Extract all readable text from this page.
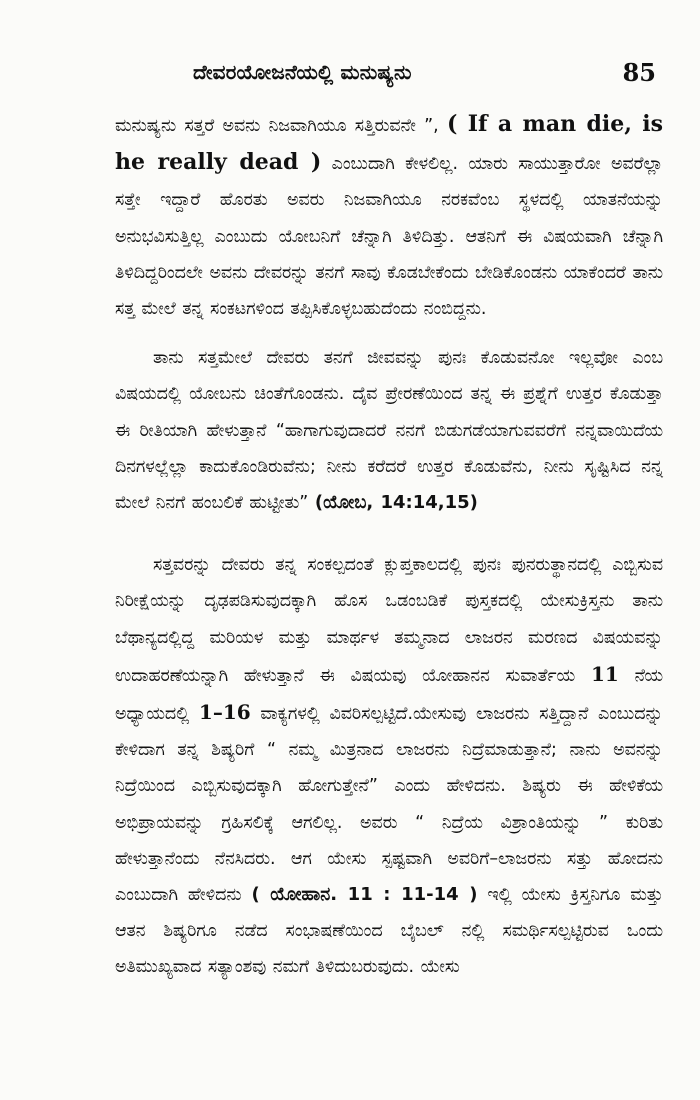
ದೇವರಯೋಜನೆಯಲ್ಲಿ ಮನುಷ್ಯನು	85

ಮನುಷ್ಯನು ಸತ್ತರೆ ಅವನು ನಿಜವಾಗಿಯೂ ಸತ್ತಿರುವನೇ ”, ( If a man die, is he really dead ) ಎಂಬುದಾಗಿ ಕೇಳಲಿಲ್ಲ. ಯಾರು ಸಾಯುತ್ತಾರೋ ಅವರೆಲ್ಲಾ ಸತ್ತೇ ಇದ್ದಾರೆ ಹೊರತು ಅವರು ನಿಜವಾಗಿಯೂ ನರಕವೆಂಬ ಸ್ಥಳದಲ್ಲಿ ಯಾತನೆಯನ್ನು ಅನುಭವಿಸುತ್ತಿಲ್ಲ ಎಂಬುದು ಯೋಬನಿಗೆ ಚೆನ್ನಾಗಿ ತಿಳಿದಿತ್ತು. ಆತನಿಗೆ ಈ ವಿಷಯವಾಗಿ ಚೆನ್ನಾಗಿ ತಿಳಿದಿದ್ದರಿಂದಲೇ ಅವನು ದೇವರನ್ನು ತನಗೆ ಸಾವು ಕೊಡಬೇಕೆಂದು ಬೇಡಿಕೊಂಡನು ಯಾಕೆಂದರೆ ತಾನು ಸತ್ತ ಮೇಲೆ ತನ್ನ ಸಂಕಟಗಳಿಂದ ತಪ್ಪಿಸಿಕೊಳ್ಳಬಹುದೆಂದು ನಂಬಿದ್ದನು.

ತಾನು ಸತ್ತಮೇಲೆ ದೇವರು ತನಗೆ ಜೀವವನ್ನು ಪುನಃ ಕೊಡುವನೋ ಇಲ್ಲವೋ ಎಂಬ ವಿಷಯದಲ್ಲಿ ಯೋಬನು ಚಿಂತೆಗೊಂಡನು. ದೈವ ಪ್ರೇರಣೆಯಿಂದ ತನ್ನ ಈ ಪ್ರಶ್ನೆಗೆ ಉತ್ತರ ಕೊಡುತ್ತಾ ಈ ರೀತಿಯಾಗಿ ಹೇಳುತ್ತಾನೆ “ಹಾಗಾಗುವುದಾದರೆ ನನಗೆ ಬಿಡುಗಡೆಯಾಗುವವರೆಗೆ ನನ್ನವಾಯಿದೆಯ ದಿನಗಳಲ್ಲೆಲ್ಲಾ ಕಾದುಕೊಂಡಿರುವೆನು; ನೀನು ಕರೆದರೆ ಉತ್ತರ ಕೊಡುವೆನು, ನೀನು ಸೃಷ್ಟಿಸಿದ ನನ್ನ ಮೇಲೆ ನಿನಗೆ ಹಂಬಲಿಕೆ ಹುಟ್ಟೀತು” (ಯೋಬ, 14:14,15)

ಸತ್ತವರನ್ನು ದೇವರು ತನ್ನ ಸಂಕಲ್ಪದಂತೆ ಕ್ಲುಪ್ತಕಾಲದಲ್ಲಿ ಪುನಃ ಪುನರುತ್ಥಾನದಲ್ಲಿ ಎಬ್ಬಿಸುವ ನಿರೀಕ್ಷೆಯನ್ನು ದೃಢಪಡಿಸುವುದಕ್ಕಾಗಿ ಹೊಸ ಒಡಂಬಡಿಕೆ ಪುಸ್ತಕದಲ್ಲಿ ಯೇಸುಕ್ರಿಸ್ತನು ತಾನು ಬೆಥಾನ್ಯದಲ್ಲಿದ್ದ ಮರಿಯಳ ಮತ್ತು ಮಾರ್ಥಳ ತಮ್ಮನಾದ ಲಾಜರನ ಮರಣದ ವಿಷಯವನ್ನು ಉದಾಹರಣೆಯನ್ನಾಗಿ ಹೇಳುತ್ತಾನೆ ಈ ವಿಷಯವು ಯೋಹಾನನ ಸುವಾರ್ತೆಯ 11 ನೆಯ ಅಧ್ಯಾಯದಲ್ಲಿ 1–16 ವಾಕ್ಯಗಳಲ್ಲಿ ವಿವರಿಸಲ್ಪಟ್ಟಿದೆ.ಯೇಸುವು ಲಾಜರನು ಸತ್ತಿದ್ದಾನೆ ಎಂಬುದನ್ನು ಕೇಳಿದಾಗ ತನ್ನ ಶಿಷ್ಯರಿಗೆ “ ನಮ್ಮ ಮಿತ್ರನಾದ ಲಾಜರನು ನಿದ್ರೆಮಾಡುತ್ತಾನೆ; ನಾನು ಅವನನ್ನು ನಿದ್ರೆಯಿಂದ ಎಬ್ಬಿಸುವುದಕ್ಕಾಗಿ ಹೋಗುತ್ತೇನೆ” ಎಂದು ಹೇಳಿದನು. ಶಿಷ್ಯರು ಈ ಹೇಳಿಕೆಯ ಅಭಿಪ್ರಾಯವನ್ನು ಗ್ರಹಿಸಲಿಕ್ಕೆ ಆಗಲಿಲ್ಲ. ಅವರು “ ನಿದ್ರೆಯ ವಿಶ್ರಾಂತಿಯನ್ನು ” ಕುರಿತು ಹೇಳುತ್ತಾನೆಂದು ನೆನಸಿದರು. ಆಗ ಯೇಸು ಸ್ಪಷ್ಟವಾಗಿ ಅವರಿಗೆ–ಲಾಜರನು ಸತ್ತು ಹೋದನು ಎಂಬುದಾಗಿ ಹೇಳಿದನು ( ಯೋಹಾನ. 11 : 11-14 ) ಇಲ್ಲಿ ಯೇಸು ಕ್ರಿಸ್ತನಿಗೂ ಮತ್ತು ಆತನ ಶಿಷ್ಯರಿಗೂ ನಡೆದ ಸಂಭಾಷಣೆಯಿಂದ ಬೈಬಲ್ ನಲ್ಲಿ ಸಮರ್ಥಿಸಲ್ಪಟ್ಟಿರುವ ಒಂದು ಅತಿಮುಖ್ಯವಾದ ಸತ್ಯಾಂಶವು ನಮಗೆ ತಿಳಿದುಬರುವುದು. ಯೇಸು
